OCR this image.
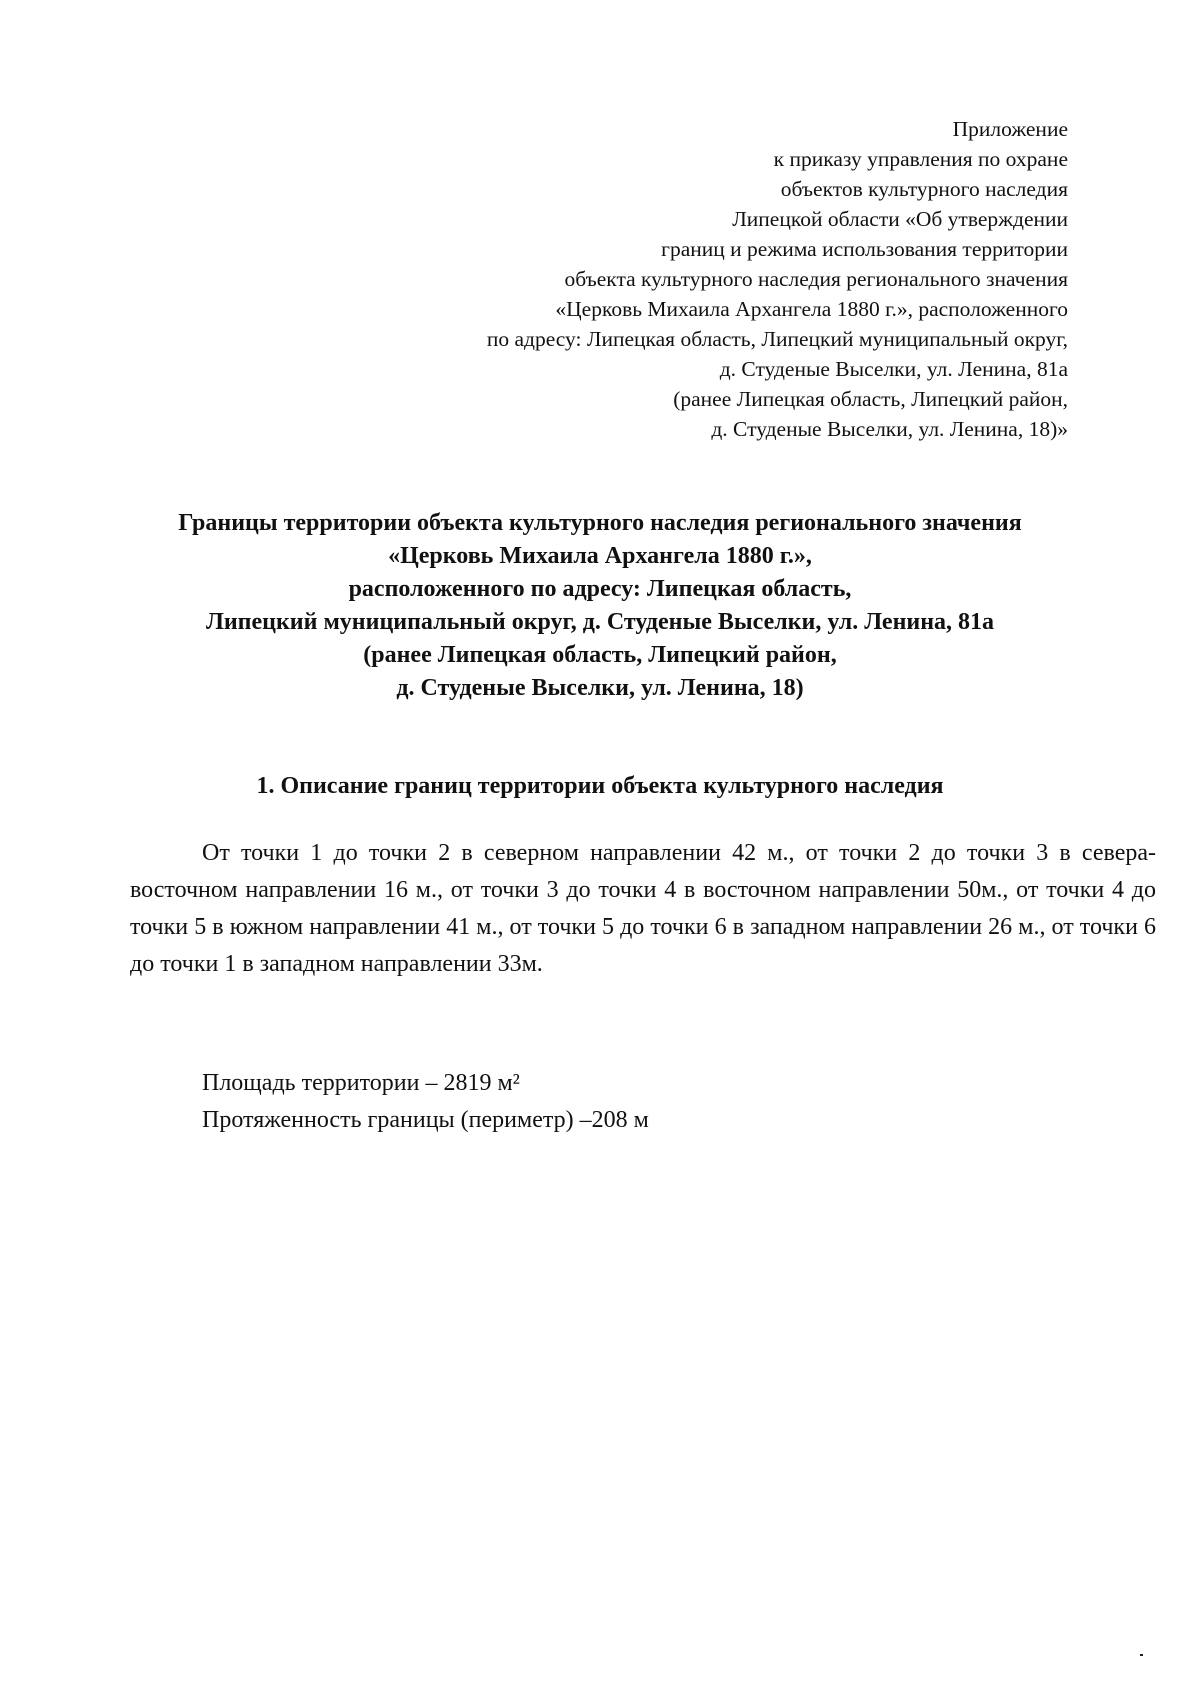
Приложение
к приказу управления по охране
объектов культурного наследия
Липецкой области «Об утверждении
границ и режима использования территории
объекта культурного наследия регионального значения
«Церковь Михаила Архангела 1880 г.», расположенного
по адресу: Липецкая область, Липецкий муниципальный округ,
д. Студеные Выселки, ул. Ленина, 81а
(ранее Липецкая область, Липецкий район,
д. Студеные Выселки, ул. Ленина, 18)»
Границы территории объекта культурного наследия регионального значения
«Церковь Михаила Архангела 1880 г.»,
расположенного по адресу: Липецкая область,
Липецкий муниципальный округ, д. Студеные Выселки, ул. Ленина, 81а
(ранее Липецкая область, Липецкий район,
д. Студеные Выселки, ул. Ленина, 18)
1. Описание границ территории объекта культурного наследия

От точки 1 до точки 2 в северном направлении 42 м., от точки 2 до точки 3 в севера- восточном направлении 16 м., от точки 3 до точки 4 в восточном направлении 50м., от точки 4 до точки 5 в южном направлении 41 м., от точки 5 до точки 6 в западном направлении 26 м., от точки 6 до точки 1 в западном направлении 33м.

Площадь территории – 2819 м²
Протяженность границы (периметр) –208 м
